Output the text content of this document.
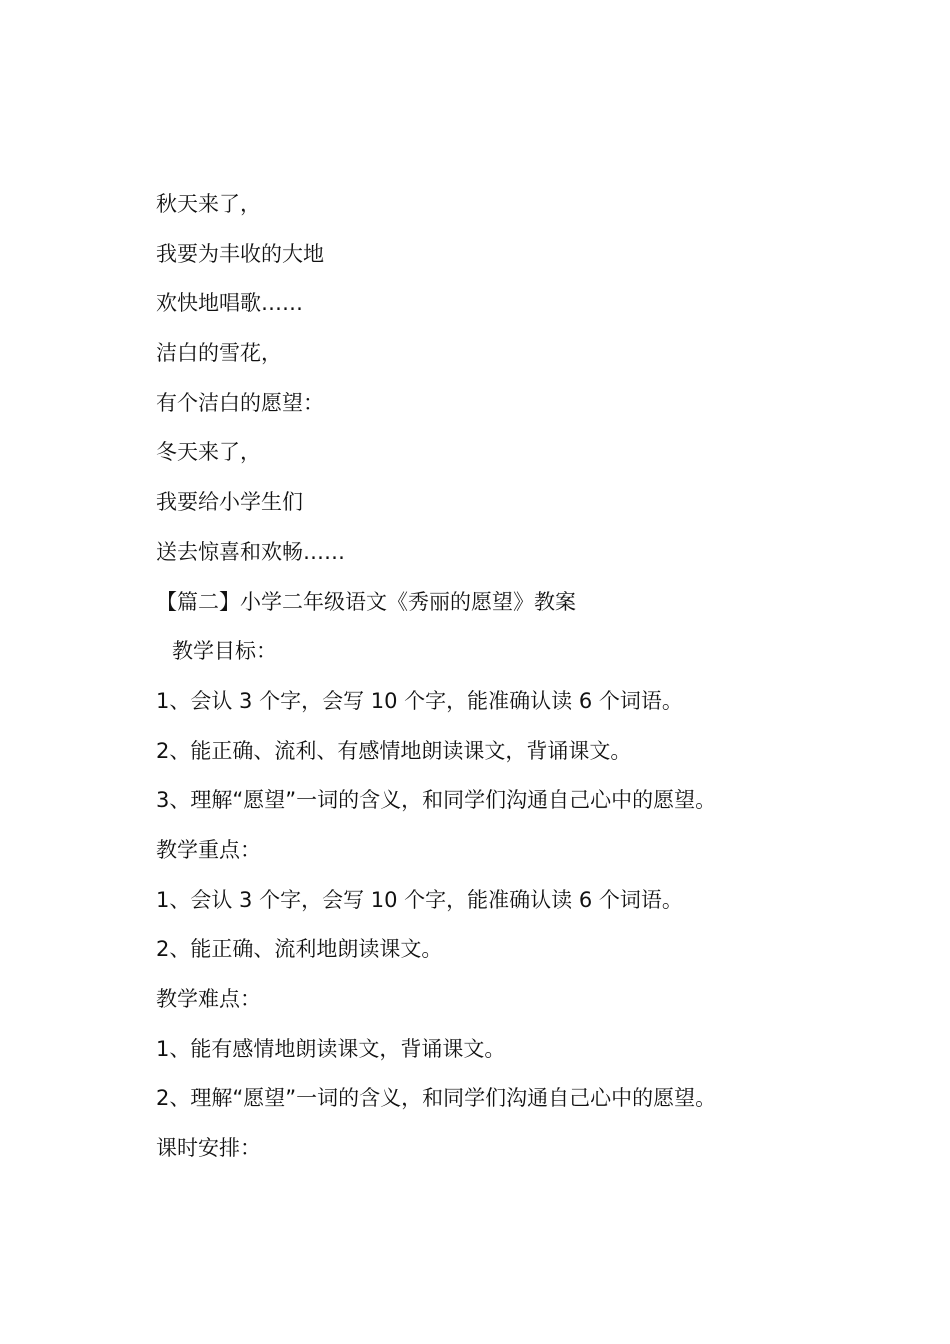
秋天来了，
我要为丰收的大地
欢快地唱歌……
洁白的雪花，
有个洁白的愿望：
冬天来了，
我要给小学生们
送去惊喜和欢畅……
【篇二】小学二年级语文《秀丽的愿望》教案
教学目标：
1、会认 3 个字，会写 10 个字，能准确认读 6 个词语。
2、能正确、流利、有感情地朗读课文，背诵课文。
3、理解“愿望”一词的含义，和同学们沟通自己心中的愿望。
教学重点：
1、会认 3 个字，会写 10 个字，能准确认读 6 个词语。
2、能正确、流利地朗读课文。
教学难点：
1、能有感情地朗读课文，背诵课文。
2、理解“愿望”一词的含义，和同学们沟通自己心中的愿望。
课时安排：
